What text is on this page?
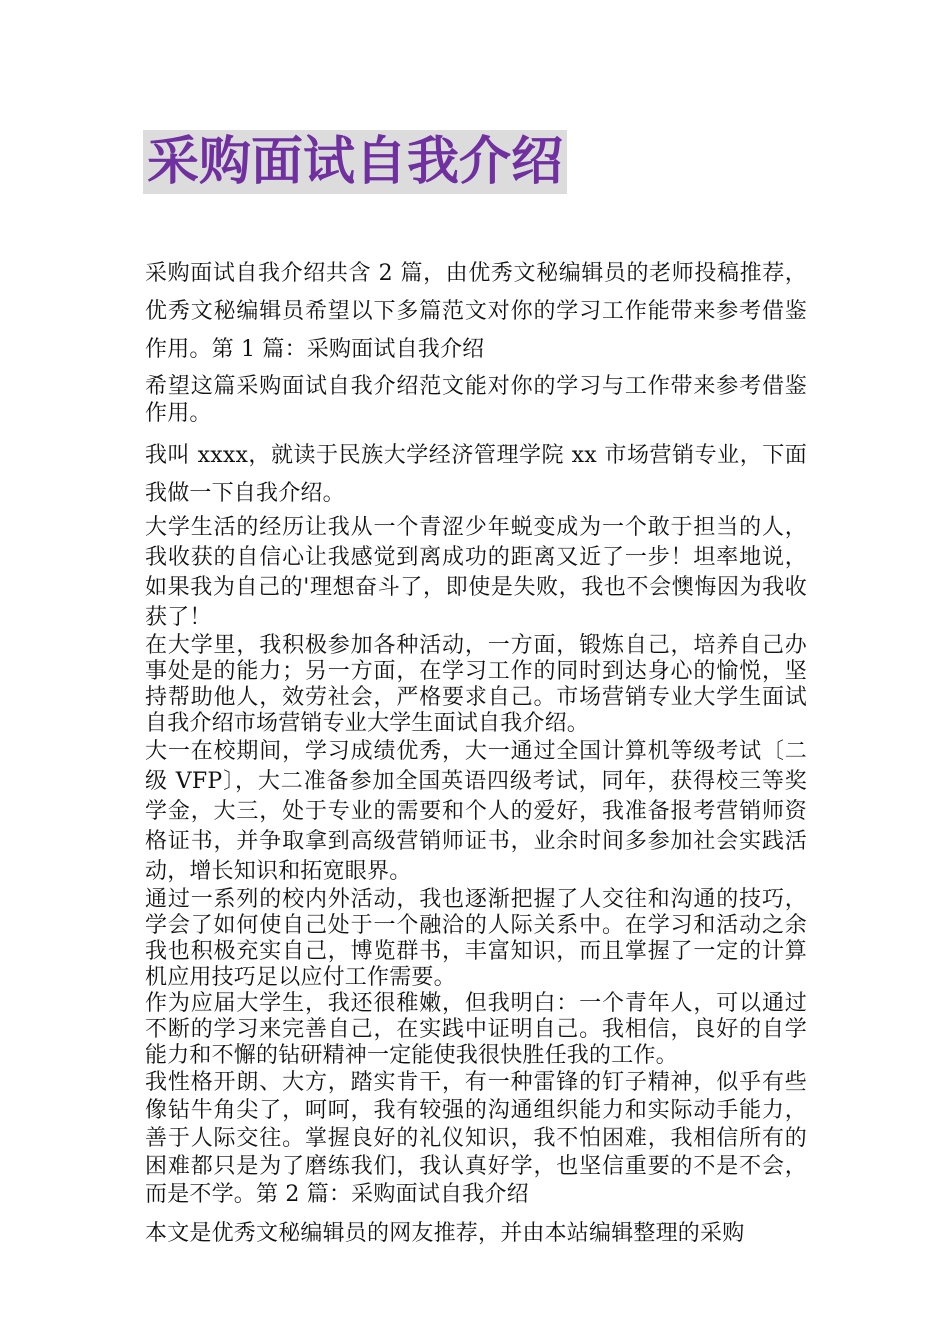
采购面试自我介绍

采购面试自我介绍共含 2 篇，由优秀文秘编辑员的老师投稿推荐，优秀文秘编辑员希望以下多篇范文对你的学习工作能带来参考借鉴作用。第 1 篇：采购面试自我介绍

希望这篇采购面试自我介绍范文能对你的学习与工作带来参考借鉴作用。

我叫 xxxx，就读于民族大学经济管理学院 xx 市场营销专业，下面我做一下自我介绍。

大学生活的经历让我从一个青涩少年蜕变成为一个敢于担当的人，我收获的自信心让我感觉到离成功的距离又近了一步！坦率地说，如果我为自己的'理想奋斗了，即使是失败，我也不会懊悔因为我收获了！

在大学里，我积极参加各种活动，一方面，锻炼自己，培养自己办事处是的能力；另一方面，在学习工作的同时到达身心的愉悦，坚持帮助他人，效劳社会，严格要求自己。市场营销专业大学生面试自我介绍市场营销专业大学生面试自我介绍。

大一在校期间，学习成绩优秀，大一通过全国计算机等级考试〔二级 VFP〕，大二准备参加全国英语四级考试，同年，获得校三等奖学金，大三，处于专业的需要和个人的爱好，我准备报考营销师资格证书，并争取拿到高级营销师证书，业余时间多参加社会实践活动，增长知识和拓宽眼界。

通过一系列的校内外活动，我也逐渐把握了人交往和沟通的技巧，学会了如何使自己处于一个融洽的人际关系中。在学习和活动之余我也积极充实自己，博览群书，丰富知识，而且掌握了一定的计算机应用技巧足以应付工作需要。

作为应届大学生，我还很稚嫩，但我明白：一个青年人，可以通过不断的学习来完善自己，在实践中证明自己。我相信，良好的自学能力和不懈的钻研精神一定能使我很快胜任我的工作。

我性格开朗、大方，踏实肯干，有一种雷锋的钉子精神，似乎有些像钻牛角尖了，呵呵，我有较强的沟通组织能力和实际动手能力，善于人际交往。掌握良好的礼仪知识，我不怕困难，我相信所有的困难都只是为了磨练我们，我认真好学，也坚信重要的不是不会，而是不学。第 2 篇：采购面试自我介绍

本文是优秀文秘编辑员的网友推荐，并由本站编辑整理的采购
